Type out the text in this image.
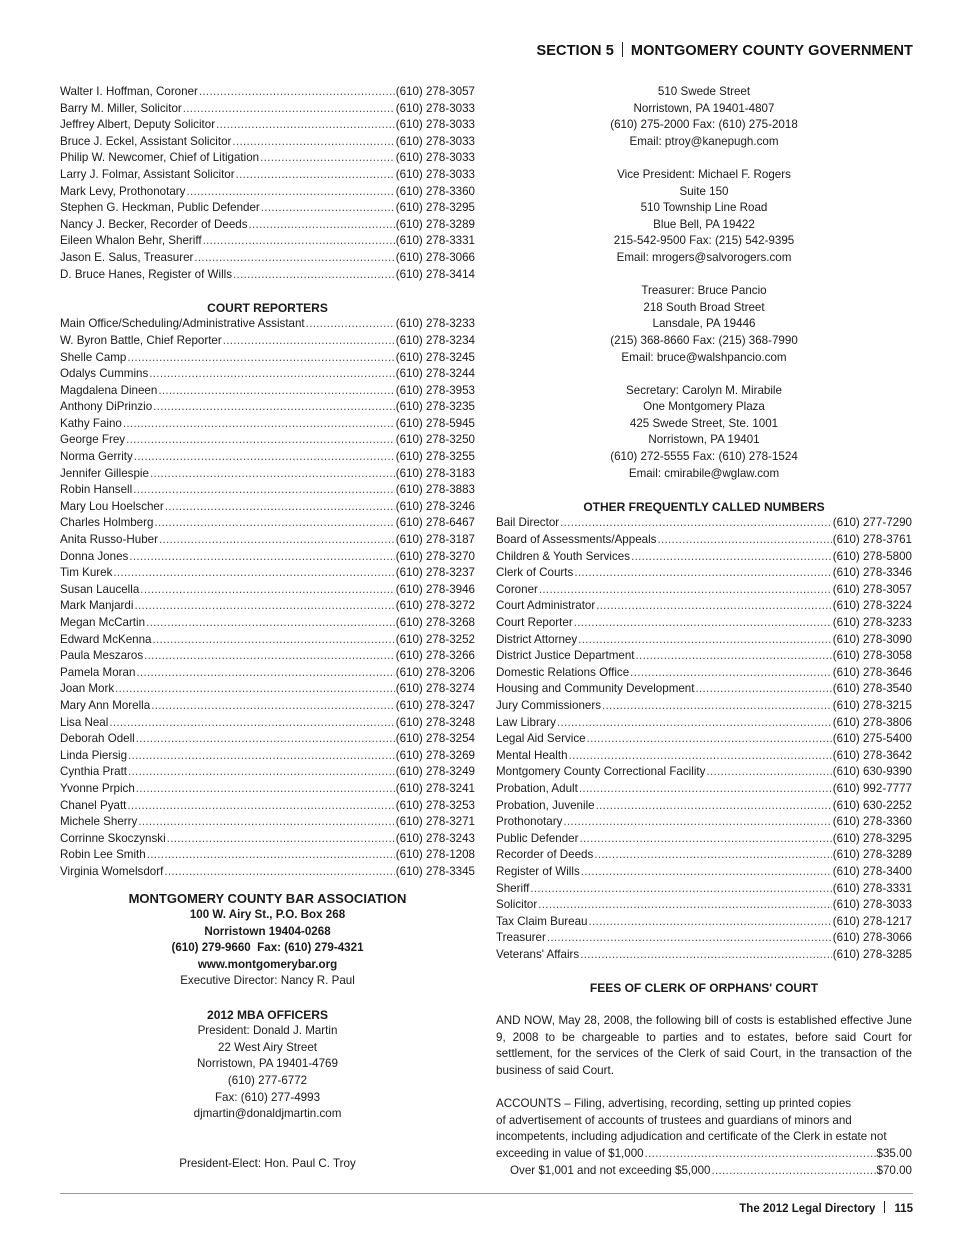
SECTION 5 MONTGOMERY COUNTY GOVERNMENT
Walter I. Hoffman, Coroner .....	(610) 278-3057
Barry M. Miller, Solicitor .....	(610) 278-3033
Jeffrey Albert, Deputy Solicitor .....	(610) 278-3033
Bruce J. Eckel, Assistant Solicitor .....	(610) 278-3033
Philip W. Newcomer, Chief of Litigation .....	(610) 278-3033
Larry J. Folmar, Assistant Solicitor .....	(610) 278-3033
Mark Levy, Prothonotary .....	(610) 278-3360
Stephen G. Heckman, Public Defender .....	(610) 278-3295
Nancy J. Becker, Recorder of Deeds .....	(610) 278-3289
Eileen Whalon Behr, Sheriff .....	(610) 278-3331
Jason E. Salus, Treasurer .....	(610) 278-3066
D. Bruce Hanes, Register of Wills .....	(610) 278-3414
COURT REPORTERS
Main Office/Scheduling/Administrative Assistant .....	(610) 278-3233
W. Byron Battle, Chief Reporter .....	(610) 278-3234
Shelle Camp .....	(610) 278-3245
Odalys Cummins .....	(610) 278-3244
Magdalena Dineen .....	(610) 278-3953
Anthony DiPrinzio .....	(610) 278-3235
Kathy Faino .....	(610) 278-5945
George Frey .....	(610) 278-3250
Norma Gerrity .....	(610) 278-3255
Jennifer Gillespie .....	(610) 278-3183
Robin Hansell .....	(610) 278-3883
Mary Lou Hoelscher .....	(610) 278-3246
Charles Holmberg .....	(610) 278-6467
Anita Russo-Huber .....	(610) 278-3187
Donna Jones .....	(610) 278-3270
Tim Kurek .....	(610) 278-3237
Susan Laucella .....	(610) 278-3946
Mark Manjardi .....	(610) 278-3272
Megan McCartin .....	(610) 278-3268
Edward McKenna .....	(610) 278-3252
Paula Meszaros .....	(610) 278-3266
Pamela Moran .....	(610) 278-3206
Joan Mork .....	(610) 278-3274
Mary Ann Morella .....	(610) 278-3247
Lisa Neal .....	(610) 278-3248
Deborah Odell .....	(610) 278-3254
Linda Piersig .....	(610) 278-3269
Cynthia Pratt .....	(610) 278-3249
Yvonne Prpich .....	(610) 278-3241
Chanel Pyatt .....	(610) 278-3253
Michele Sherry .....	(610) 278-3271
Corrinne Skoczynski .....	(610) 278-3243
Robin Lee Smith .....	(610) 278-1208
Virginia Womelsdorf .....	(610) 278-3345
MONTGOMERY COUNTY BAR ASSOCIATION
100 W. Airy St., P.O. Box 268
Norristown 19404-0268
(610) 279-9660  Fax: (610) 279-4321
www.montgomerybar.org
Executive Director: Nancy R. Paul
2012 MBA OFFICERS
President: Donald J. Martin
22 West Airy Street
Norristown, PA 19401-4769
(610) 277-6772
Fax: (610) 277-4993
djmartin@donaldjmartin.com
President-Elect: Hon. Paul C. Troy
510 Swede Street
Norristown, PA 19401-4807
(610) 275-2000 Fax: (610) 275-2018
Email: ptroy@kanepugh.com
Vice President: Michael F. Rogers
Suite 150
510 Township Line Road
Blue Bell, PA 19422
215-542-9500 Fax: (215) 542-9395
Email: mrogers@salvorogers.com
Treasurer: Bruce Pancio
218 South Broad Street
Lansdale, PA 19446
(215) 368-8660 Fax: (215) 368-7990
Email: bruce@walshpancio.com
Secretary: Carolyn M. Mirabile
One Montgomery Plaza
425 Swede Street, Ste. 1001
Norristown, PA 19401
(610) 272-5555 Fax: (610) 278-1524
Email: cmirabile@wglaw.com
OTHER FREQUENTLY CALLED NUMBERS
Bail Director .....	(610) 277-7290
Board of Assessments/Appeals .....	(610) 278-3761
Children & Youth Services .....	(610) 278-5800
Clerk of Courts .....	(610) 278-3346
Coroner .....	(610) 278-3057
Court Administrator .....	(610) 278-3224
Court Reporter .....	(610) 278-3233
District Attorney .....	(610) 278-3090
District Justice Department .....	(610) 278-3058
Domestic Relations Office .....	(610) 278-3646
Housing and Community Development .....	(610) 278-3540
Jury Commissioners .....	(610) 278-3215
Law Library .....	(610) 278-3806
Legal Aid Service .....	(610) 275-5400
Mental Health .....	(610) 278-3642
Montgomery County Correctional Facility .....	(610) 630-9390
Probation, Adult .....	(610) 992-7777
Probation, Juvenile .....	(610) 630-2252
Prothonotary .....	(610) 278-3360
Public Defender .....	(610) 278-3295
Recorder of Deeds .....	(610) 278-3289
Register of Wills .....	(610) 278-3400
Sheriff .....	(610) 278-3331
Solicitor .....	(610) 278-3033
Tax Claim Bureau .....	(610) 278-1217
Treasurer .....	(610) 278-3066
Veterans' Affairs .....	(610) 278-3285
FEES OF CLERK OF ORPHANS' COURT
AND NOW, May 28, 2008, the following bill of costs is established effective June 9, 2008 to be chargeable to parties and to estates, before said Court for settlement, for the services of the Clerk of said Court, in the transaction of the business of said Court.
ACCOUNTS – Filing, advertising, recording, setting up printed copies
of advertisement of accounts of trustees and guardians of minors and
incompetents, including adjudication and certificate of the Clerk in estate not
exceeding in value of $1,000 .....	$35.00
Over $1,001 and not exceeding $5,000 .....	$70.00
The 2012 Legal Directory 115
